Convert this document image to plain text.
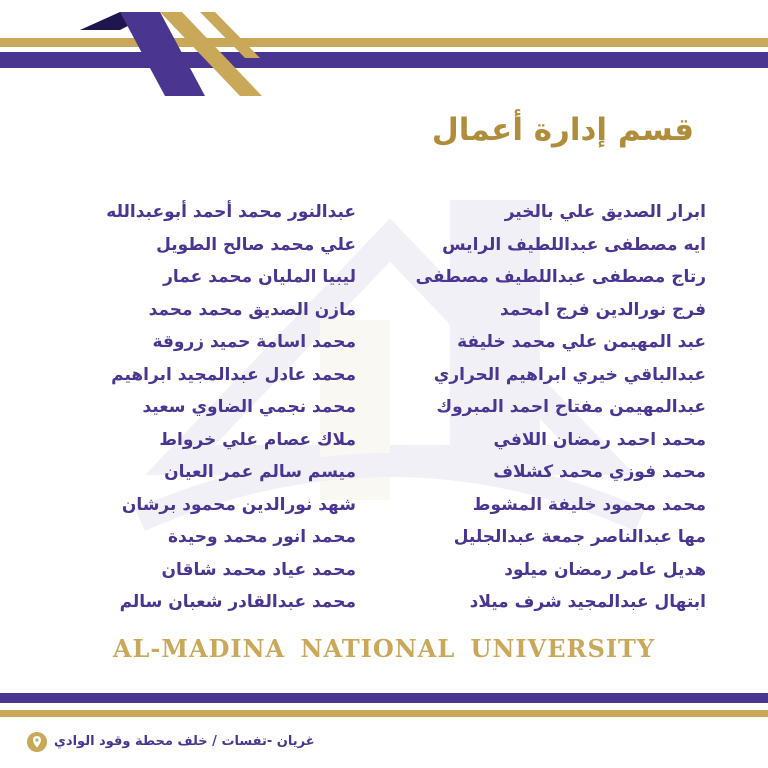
قسم إدارة أعمال
ابرار الصديق علي بالخير
ايه مصطفى عبداللطيف الرايس
رتاج مصطفى عبداللطيف مصطفى
فرج نورالدين فرج امحمد
عبد المهيمن علي محمد خليفة
عبدالباقي خيري ابراهيم الحراري
عبدالمهيمن مفتاح احمد المبروك
محمد احمد رمضان اللافي
محمد فوزي محمد كشلاف
محمد محمود خليفة المشوط
مها عبدالناصر جمعة عبدالجليل
هديل عامر رمضان ميلود
ابتهال عبدالمجيد شرف ميلاد
عبدالنور محمد أحمد أبوعبدالله
علي محمد صالح الطويل
ليبيا المليان محمد عمار
مازن الصديق محمد محمد
محمد اسامة حميد زروقة
محمد عادل عبدالمجيد ابراهيم
محمد نجمي الضاوي سعيد
ملاك عصام علي خرواط
ميسم سالم عمر العيان
شهد نورالدين محمود برشان
محمد انور محمد وحيدة
محمد عياد محمد شاقان
محمد عبدالقادر شعبان سالم
AL-MADINA NATIONAL UNIVERSITY
غريان -تفسات / خلف محطة وقود الوادي
